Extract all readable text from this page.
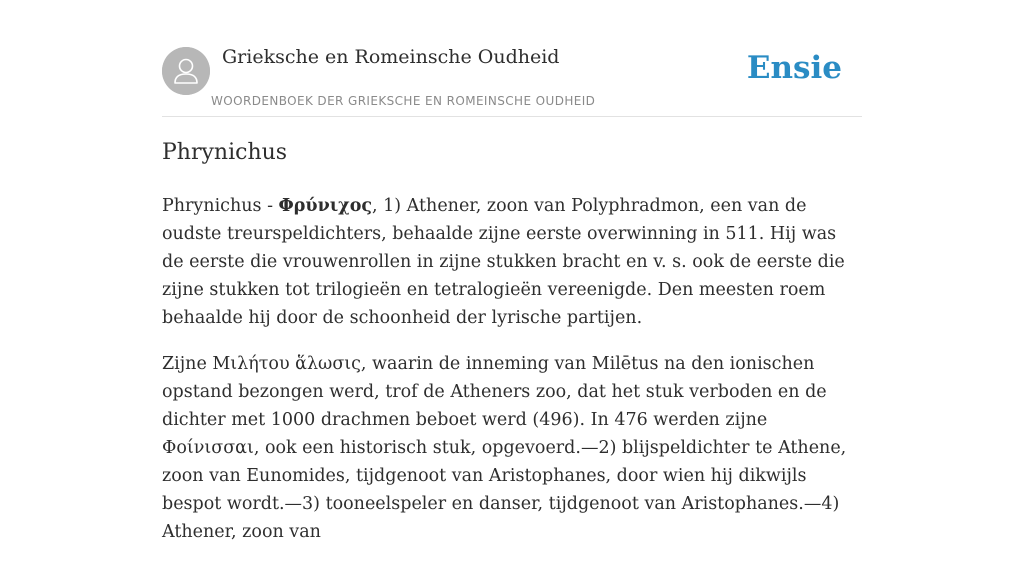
Grieksche en Romeinsche Oudheid
WOORDENBOEK DER GRIEKSCHE EN ROMEINSCHE OUDHEID
Ensie
Phrynichus

Phrynichus - Φρύνιχος, 1) Athener, zoon van Polyphradmon, een van de oudste treurspeldichters, behaalde zijne eerste overwinning in 511. Hij was de eerste die vrouwenrollen in zijne stukken bracht en v. s. ook de eerste die zijne stukken tot trilogieën en tetralogieën vereenigde. Den meesten roem behaalde hij door de schoonheid der lyrische partijen.

Zijne Μιλήτου ἅλωσις, waarin de inneming van Milētus na den ionischen opstand bezongen werd, trof de Atheners zoo, dat het stuk verboden en de dichter met 1000 drachmen beboet werd (496). In 476 werden zijne Φοίνισσαι, ook een historisch stuk, opgevoerd.—2) blijspeldichter te Athene, zoon van Eunomides, tijdgenoot van Aristophanes, door wien hij dikwijls bespot wordt.—3) tooneelspeler en danser, tijdgenoot van Aristophanes.—4) Athener, zoon van
